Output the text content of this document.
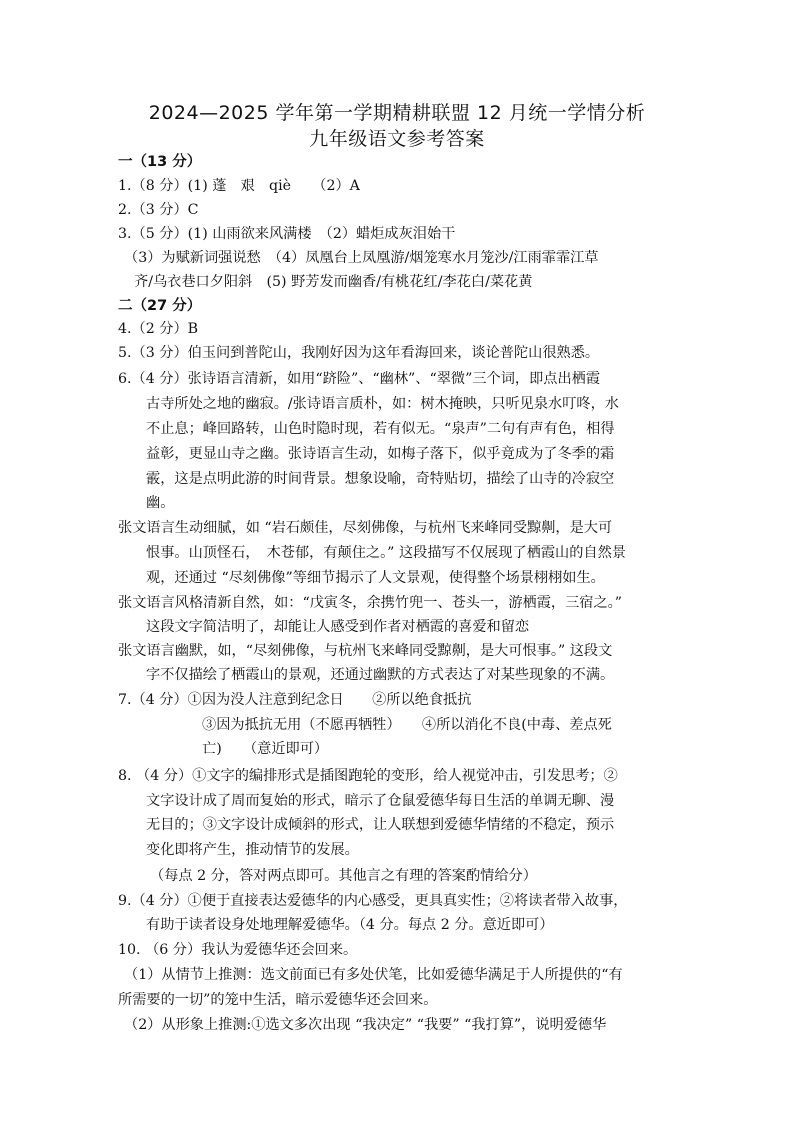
2024—2025 学年第一学期精耕联盟 12 月统一学情分析
九年级语文参考答案
一（13 分）
1.（8 分）(1) 蓬　艰　qiè　　（2）A
2.（3 分）C
3.（5 分）(1) 山雨欲来风满楼　（2）蜡炬成灰泪始干
（3）为赋新词强说愁　（4）凤凰台上凤凰游/烟笼寒水月笼沙/江雨霏霏江草
齐/乌衣巷口夕阳斜　(5) 野芳发而幽香/有桃花红/李花白/菜花黄
二（27 分）
4.（2 分）B
5.（3 分）伯玉问到普陀山，我刚好因为这年看海回来，谈论普陀山很熟悉。
6.（4 分）张诗语言清新，如用“跻险”、“幽林”、“翠微”三个词，即点出栖霞
古寺所处之地的幽寂。/张诗语言质朴，如：树木掩映，只听见泉水叮咚，水
不止息；峰回路转，山色时隐时现，若有似无。“泉声”二句有声有色，相得
益彰，更显山寺之幽。张诗语言生动，如梅子落下，似乎竟成为了冬季的霜
霰，这是点明此游的时间背景。想象设喻，奇特贴切，描绘了山寺的冷寂空
幽。
张文语言生动细腻，如 “岩石颇佳，尽刻佛像，与杭州飞来峰同受黥劓，是大可
恨事。山顶怪石，　木苍郁，有颠住之。” 这段描写不仅展现了栖霞山的自然景
观，还通过 “尽刻佛像”等细节揭示了人文景观，使得整个场景栩栩如生。
张文语言风格清新自然，如：“戊寅冬，余携竹兜一、苍头一，游栖霞，三宿之。”
这段文字简洁明了，却能让人感受到作者对栖霞的喜爱和留恋
张文语言幽默，如，“尽刻佛像，与杭州飞来峰同受黥劓，是大可恨事。” 这段文
字不仅描绘了栖霞山的景观，还通过幽默的方式表达了对某些现象的不满。
7.（4 分）①因为没人注意到纪念日　　②所以绝食抵抗
③因为抵抗无用（不愿再牺牲）　　④所以消化不良(中毒、差点死
亡)　　（意近即可）
8. （4 分）①文字的编排形式是插图跑轮的变形，给人视觉冲击，引发思考；②
文字设计成了周而复始的形式，暗示了仓鼠爱德华每日生活的单调无聊、漫
无目的；③文字设计成倾斜的形式，让人联想到爱德华情绪的不稳定，预示
变化即将产生，推动情节的发展。
（每点 2 分，答对两点即可。其他言之有理的答案酌情给分）
9.（4 分）①便于直接表达爱德华的内心感受，更具真实性；②将读者带入故事，
有助于读者设身处地理解爱德华。（4 分。每点 2 分。意近即可）
10. （6 分）我认为爱德华还会回来。
（1）从情节上推测：选文前面已有多处伏笔，比如爱德华满足于人所提供的“有
所需要的一切”的笼中生活，暗示爱德华还会回来。
（2）从形象上推测:①选文多次出现 “我决定” “我要” “我打算”，说明爱德华
